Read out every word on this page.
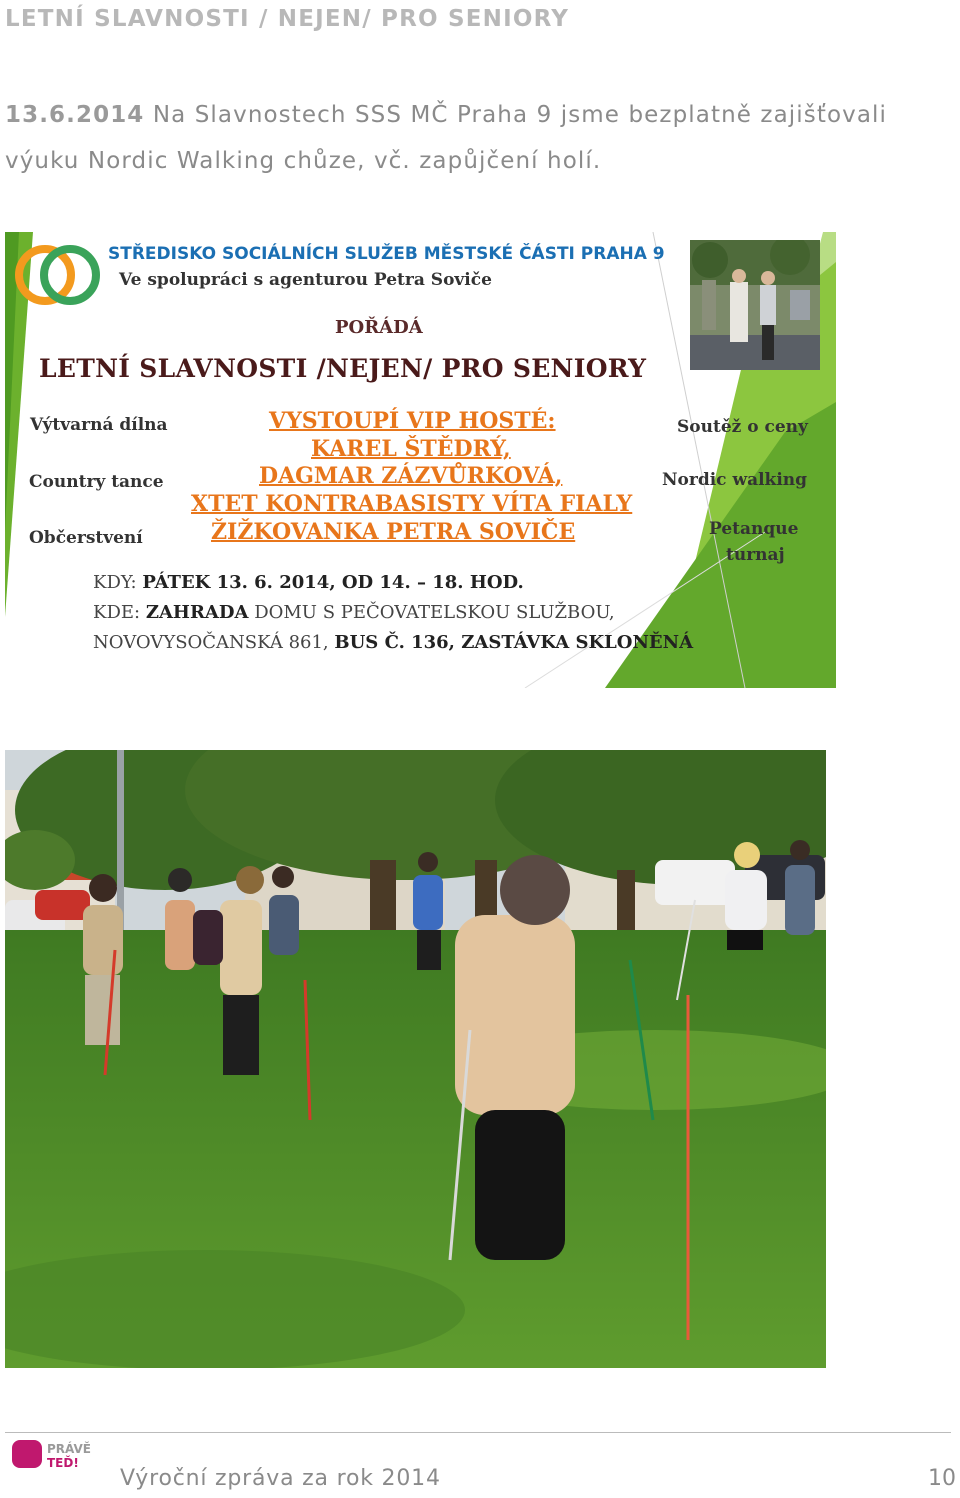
LETNÍ SLAVNOSTI / NEJEN/ PRO SENIORY
13.6.2014 Na Slavnostech SSS MČ Praha 9 jsme bezplatně zajišťovali výuku Nordic Walking chůze, vč. zapůjčení holí.
STŘEDISKO SOCIÁLNÍCH SLUŽEB MĚSTSKÉ ČÁSTI PRAHA 9
Ve spolupráci s agenturou Petra Soviče
POŘÁDÁ
LETNÍ SLAVNOSTI /NEJEN/ PRO SENIORY
Výtvarná dílna
Country tance
Občerstvení
Soutěž o ceny
Nordic walking
Petanque
turnaj
VYSTOUPÍ VIP HOSTÉ:
KAREL ŠTĚDRÝ,
DAGMAR ZÁZVŮRKOVÁ,
XTET KONTRABASISTY VÍTA FIALY
ŽIŽKOVANKA PETRA SOVIČE
KDY: PÁTEK 13. 6. 2014, OD 14. – 18. HOD.
KDE: ZAHRADA DOMU S PEČOVATELSKOU SLUŽBOU,
NOVOVYSOČANSKÁ 861, BUS Č. 136, ZASTÁVKA SKLONĚNÁ
PRÁVĚ
TEĎ!
Výroční zpráva za rok 2014	10
